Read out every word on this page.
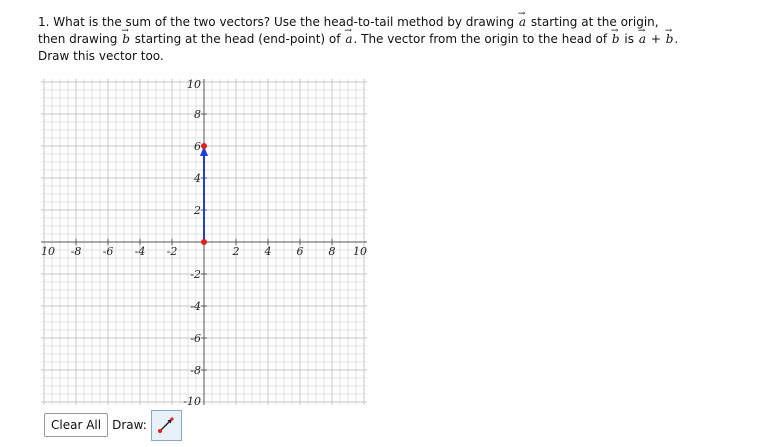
1. What is the sum of the two vectors? Use the head-to-tail method by drawing a → starting at the origin,
then drawing b → starting at the head (end-point) of a →. The vector from the origin to the head of b → is a → + b →.
Draw this vector too.
10 -8 -6 -4 -2	2 4 6 8 10
10
8
6
4
2
-2
-4
-6
-8
-10
Clear All Draw:
